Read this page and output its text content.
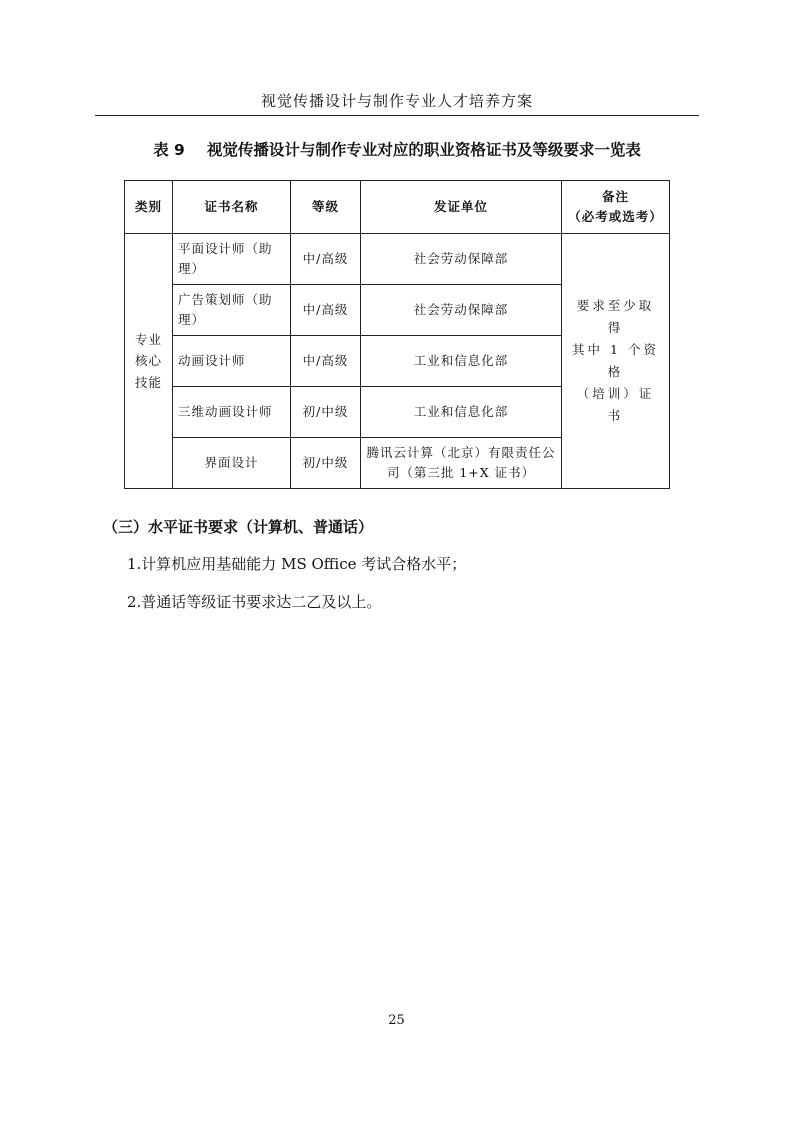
视觉传播设计与制作专业人才培养方案
表 9 视觉传播设计与制作专业对应的职业资格证书及等级要求一览表
类别	证书名称	等级	发证单位	备注
（必考或选考）
专业
核心
技能	平面设计师（助理）	中/高级	社会劳动保障部	要求至少取得
其中 1 个资格
（培训）证书
	广告策划师（助理）	中/高级	社会劳动保障部	
	动画设计师	中/高级	工业和信息化部	
	三维动画设计师	初/中级	工业和信息化部	
	界面设计	初/中级	腾讯云计算（北京）有限责任公司（第三批 1+X 证书）	
（三）水平证书要求（计算机、普通话）
1.计算机应用基础能力 MS Office 考试合格水平；
2.普通话等级证书要求达二乙及以上。
25
